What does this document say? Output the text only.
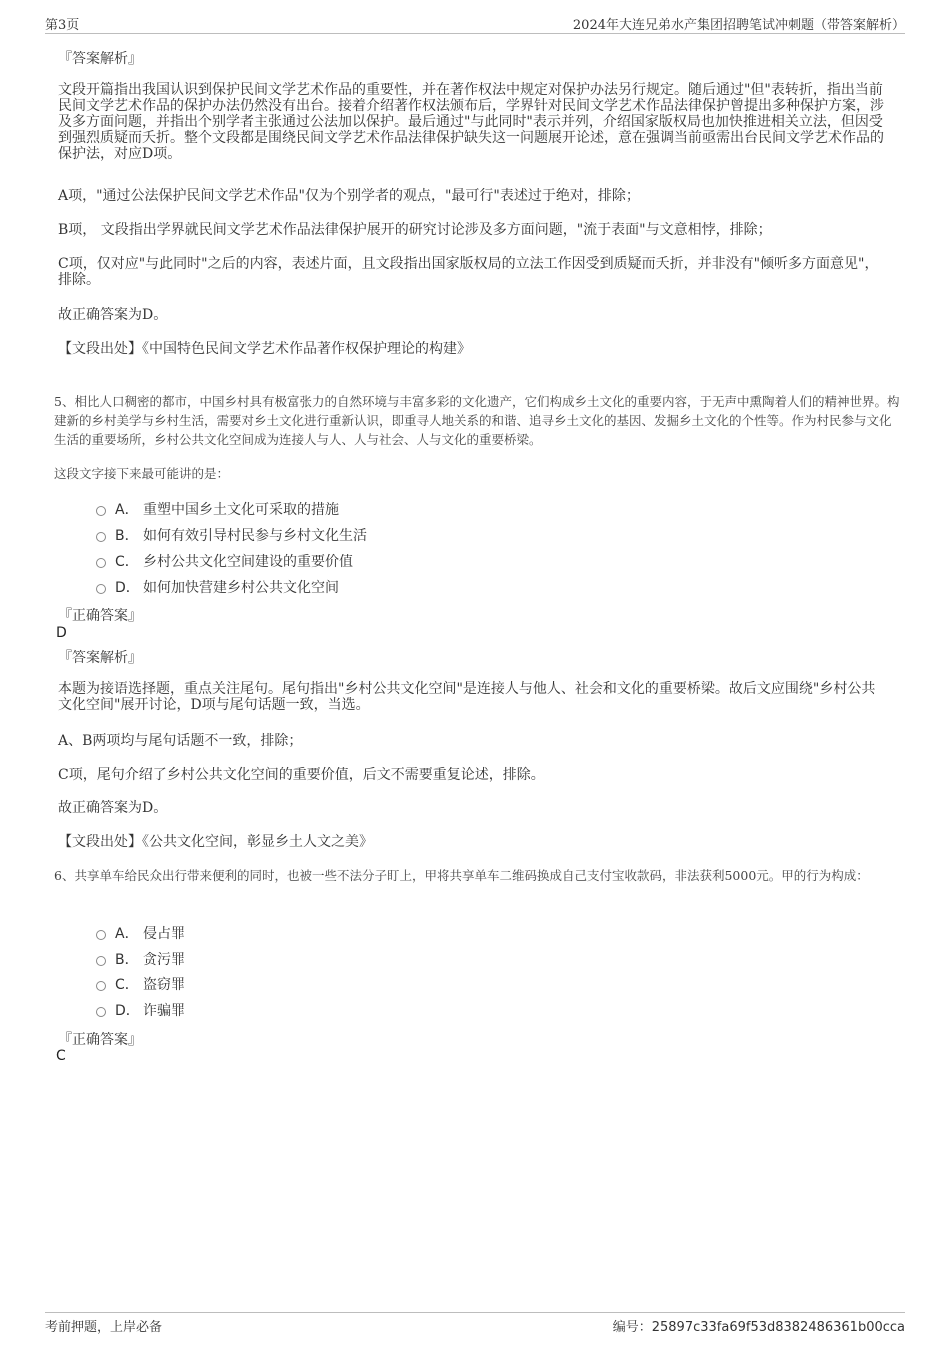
第3页	2024年大连兄弟水产集团招聘笔试冲刺题（带答案解析）
『答案解析』
文段开篇指出我国认识到保护民间文学艺术作品的重要性，并在著作权法中规定对保护办法另行规定。随后通过"但"表转折，指出当前民间文学艺术作品的保护办法仍然没有出台。接着介绍著作权法颁布后，学界针对民间文学艺术作品法律保护曾提出多种保护方案，涉及多方面问题，并指出个别学者主张通过公法加以保护。最后通过"与此同时"表示并列，介绍国家版权局也加快推进相关立法，但因受到强烈质疑而夭折。整个文段都是围绕民间文学艺术作品法律保护缺失这一问题展开论述，意在强调当前亟需出台民间文学艺术作品的保护法，对应D项。
A项，"通过公法保护民间文学艺术作品"仅为个别学者的观点，"最可行"表述过于绝对，排除；
B项， 文段指出学界就民间文学艺术作品法律保护展开的研究讨论涉及多方面问题，"流于表面"与文意相悖，排除；
C项，仅对应"与此同时"之后的内容，表述片面，且文段指出国家版权局的立法工作因受到质疑而夭折，并非没有"倾听多方面意见"，排除。
故正确答案为D。
【文段出处】《中国特色民间文学艺术作品著作权保护理论的构建》
5、相比人口稠密的都市，中国乡村具有极富张力的自然环境与丰富多彩的文化遗产，它们构成乡土文化的重要内容，于无声中熏陶着人们的精神世界。构建新的乡村美学与乡村生活，需要对乡土文化进行重新认识，即重寻人地关系的和谐、追寻乡土文化的基因、发掘乡土文化的个性等。作为村民参与文化生活的重要场所，乡村公共文化空间成为连接人与人、人与社会、人与文化的重要桥梁。
这段文字接下来最可能讲的是：
A． 重塑中国乡土文化可采取的措施
B． 如何有效引导村民参与乡村文化生活
C． 乡村公共文化空间建设的重要价值
D． 如何加快营建乡村公共文化空间
『正确答案』
D
『答案解析』
本题为接语选择题，重点关注尾句。尾句指出"乡村公共文化空间"是连接人与他人、社会和文化的重要桥梁。故后文应围绕"乡村公共文化空间"展开讨论，D项与尾句话题一致，当选。
A、B两项均与尾句话题不一致，排除；
C项，尾句介绍了乡村公共文化空间的重要价值，后文不需要重复论述，排除。
故正确答案为D。
【文段出处】《公共文化空间，彰显乡土人文之美》
6、共享单车给民众出行带来便利的同时，也被一些不法分子盯上，甲将共享单车二维码换成自己支付宝收款码，非法获利5000元。甲的行为构成：
A． 侵占罪
B． 贪污罪
C． 盗窃罪
D． 诈骗罪
『正确答案』
C
考前押题，上岸必备	编号：25897c33fa69f53d8382486361b00cca
